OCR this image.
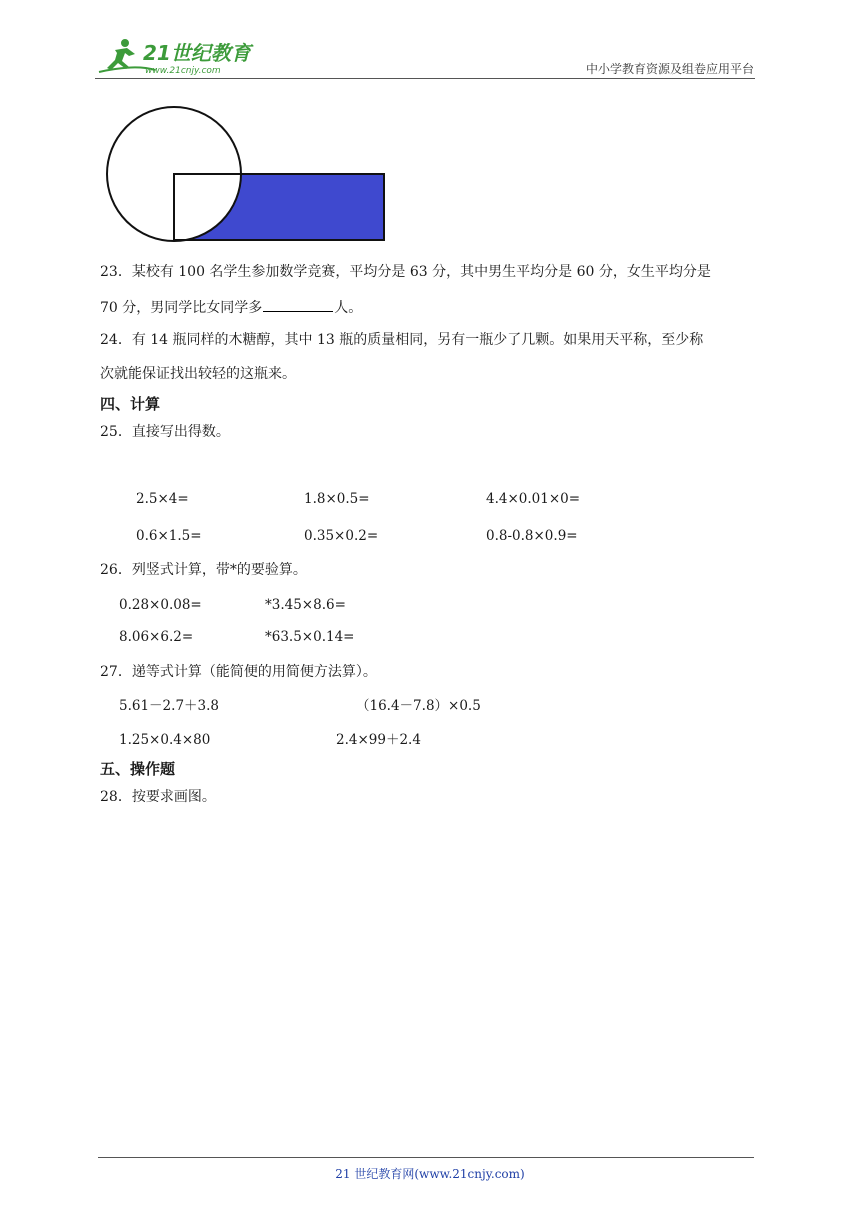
21世纪教育
www.21cnjy.com	中小学教育资源及组卷应用平台
23．某校有 100 名学生参加数学竞赛，平均分是 63 分，其中男生平均分是 60 分，女生平均分是
70 分，男同学比女同学多	人。
24．有 14 瓶同样的木糖醇，其中 13 瓶的质量相同，另有一瓶少了几颗。如果用天平称，至少称
次就能保证找出较轻的这瓶来。
四、计算
25．直接写出得数。
2.5×4=	1.8×0.5=	4.4×0.01×0=
0.6×1.5=	0.35×0.2=	0.8-0.8×0.9=
26．列竖式计算，带*的要验算。
0.28×0.08=	*3.45×8.6=
8.06×6.2=	*63.5×0.14=
27．递等式计算（能简便的用简便方法算）。
5.61－2.7＋3.8	（16.4－7.8）×0.5
1.25×0.4×80	2.4×99＋2.4
五、操作题
28．按要求画图。
21 世纪教育网(www.21cnjy.com)
